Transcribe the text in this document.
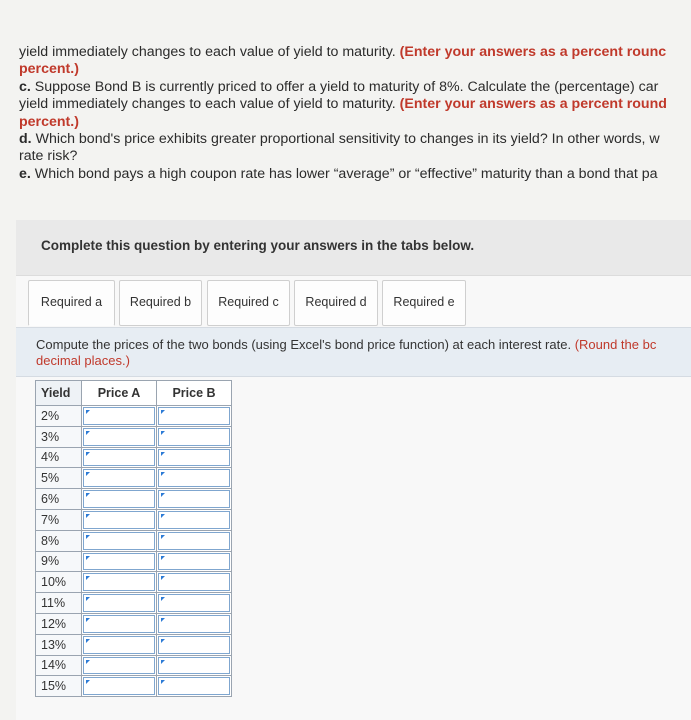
yield immediately changes to each value of yield to maturity. (Enter your answers as a percent rounc
percent.)
c. Suppose Bond B is currently priced to offer a yield to maturity of 8%. Calculate the (percentage) car
yield immediately changes to each value of yield to maturity. (Enter your answers as a percent round
percent.)
d. Which bond's price exhibits greater proportional sensitivity to changes in its yield? In other words, w
rate risk?
e. Which bond pays a high coupon rate has lower “average” or “effective” maturity than a bond that pa
Complete this question by entering your answers in the tabs below.
Required a	Required b	Required c	Required d	Required e
Compute the prices of the two bonds (using Excel's bond price function) at each interest rate. (Round the bc
decimal places.)
Yield	Price A	Price B
2%	

3%	

4%	

5%	

6%	

7%	

8%	

9%	

10%	

11%	

12%	

13%	

14%	

15%	
